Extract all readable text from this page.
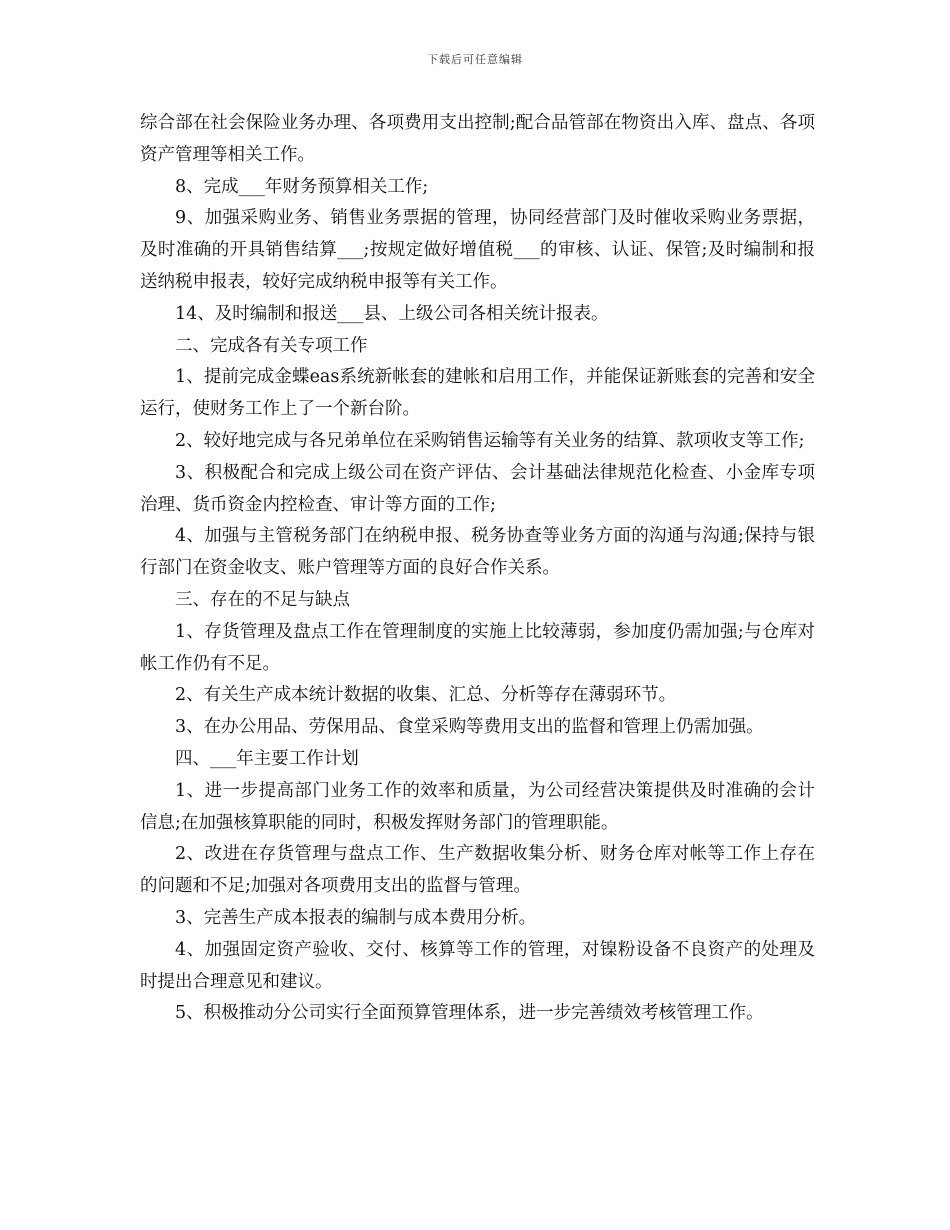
下载后可任意编辑

综合部在社会保险业务办理、各项费用支出控制;配合品管部在物资出入库、盘点、各项资产管理等相关工作。

8、完成___年财务预算相关工作;

9、加强采购业务、销售业务票据的管理，协同经营部门及时催收采购业务票据，及时准确的开具销售结算___;按规定做好增值税___的审核、认证、保管;及时编制和报送纳税申报表，较好完成纳税申报等有关工作。

14、及时编制和报送___县、上级公司各相关统计报表。

二、完成各有关专项工作

1、提前完成金蝶eas系统新帐套的建帐和启用工作，并能保证新账套的完善和安全运行，使财务工作上了一个新台阶。

2、较好地完成与各兄弟单位在采购销售运输等有关业务的结算、款项收支等工作;

3、积极配合和完成上级公司在资产评估、会计基础法律规范化检查、小金库专项治理、货币资金内控检查、审计等方面的工作;

4、加强与主管税务部门在纳税申报、税务协查等业务方面的沟通与沟通;保持与银行部门在资金收支、账户管理等方面的良好合作关系。

三、存在的不足与缺点

1、存货管理及盘点工作在管理制度的实施上比较薄弱，参加度仍需加强;与仓库对帐工作仍有不足。

2、有关生产成本统计数据的收集、汇总、分析等存在薄弱环节。

3、在办公用品、劳保用品、食堂采购等费用支出的监督和管理上仍需加强。

四、___年主要工作计划

1、进一步提高部门业务工作的效率和质量，为公司经营决策提供及时准确的会计信息;在加强核算职能的同时，积极发挥财务部门的管理职能。

2、改进在存货管理与盘点工作、生产数据收集分析、财务仓库对帐等工作上存在的问题和不足;加强对各项费用支出的监督与管理。

3、完善生产成本报表的编制与成本费用分析。

4、加强固定资产验收、交付、核算等工作的管理，对镍粉设备不良资产的处理及时提出合理意见和建议。

5、积极推动分公司实行全面预算管理体系，进一步完善绩效考核管理工作。
